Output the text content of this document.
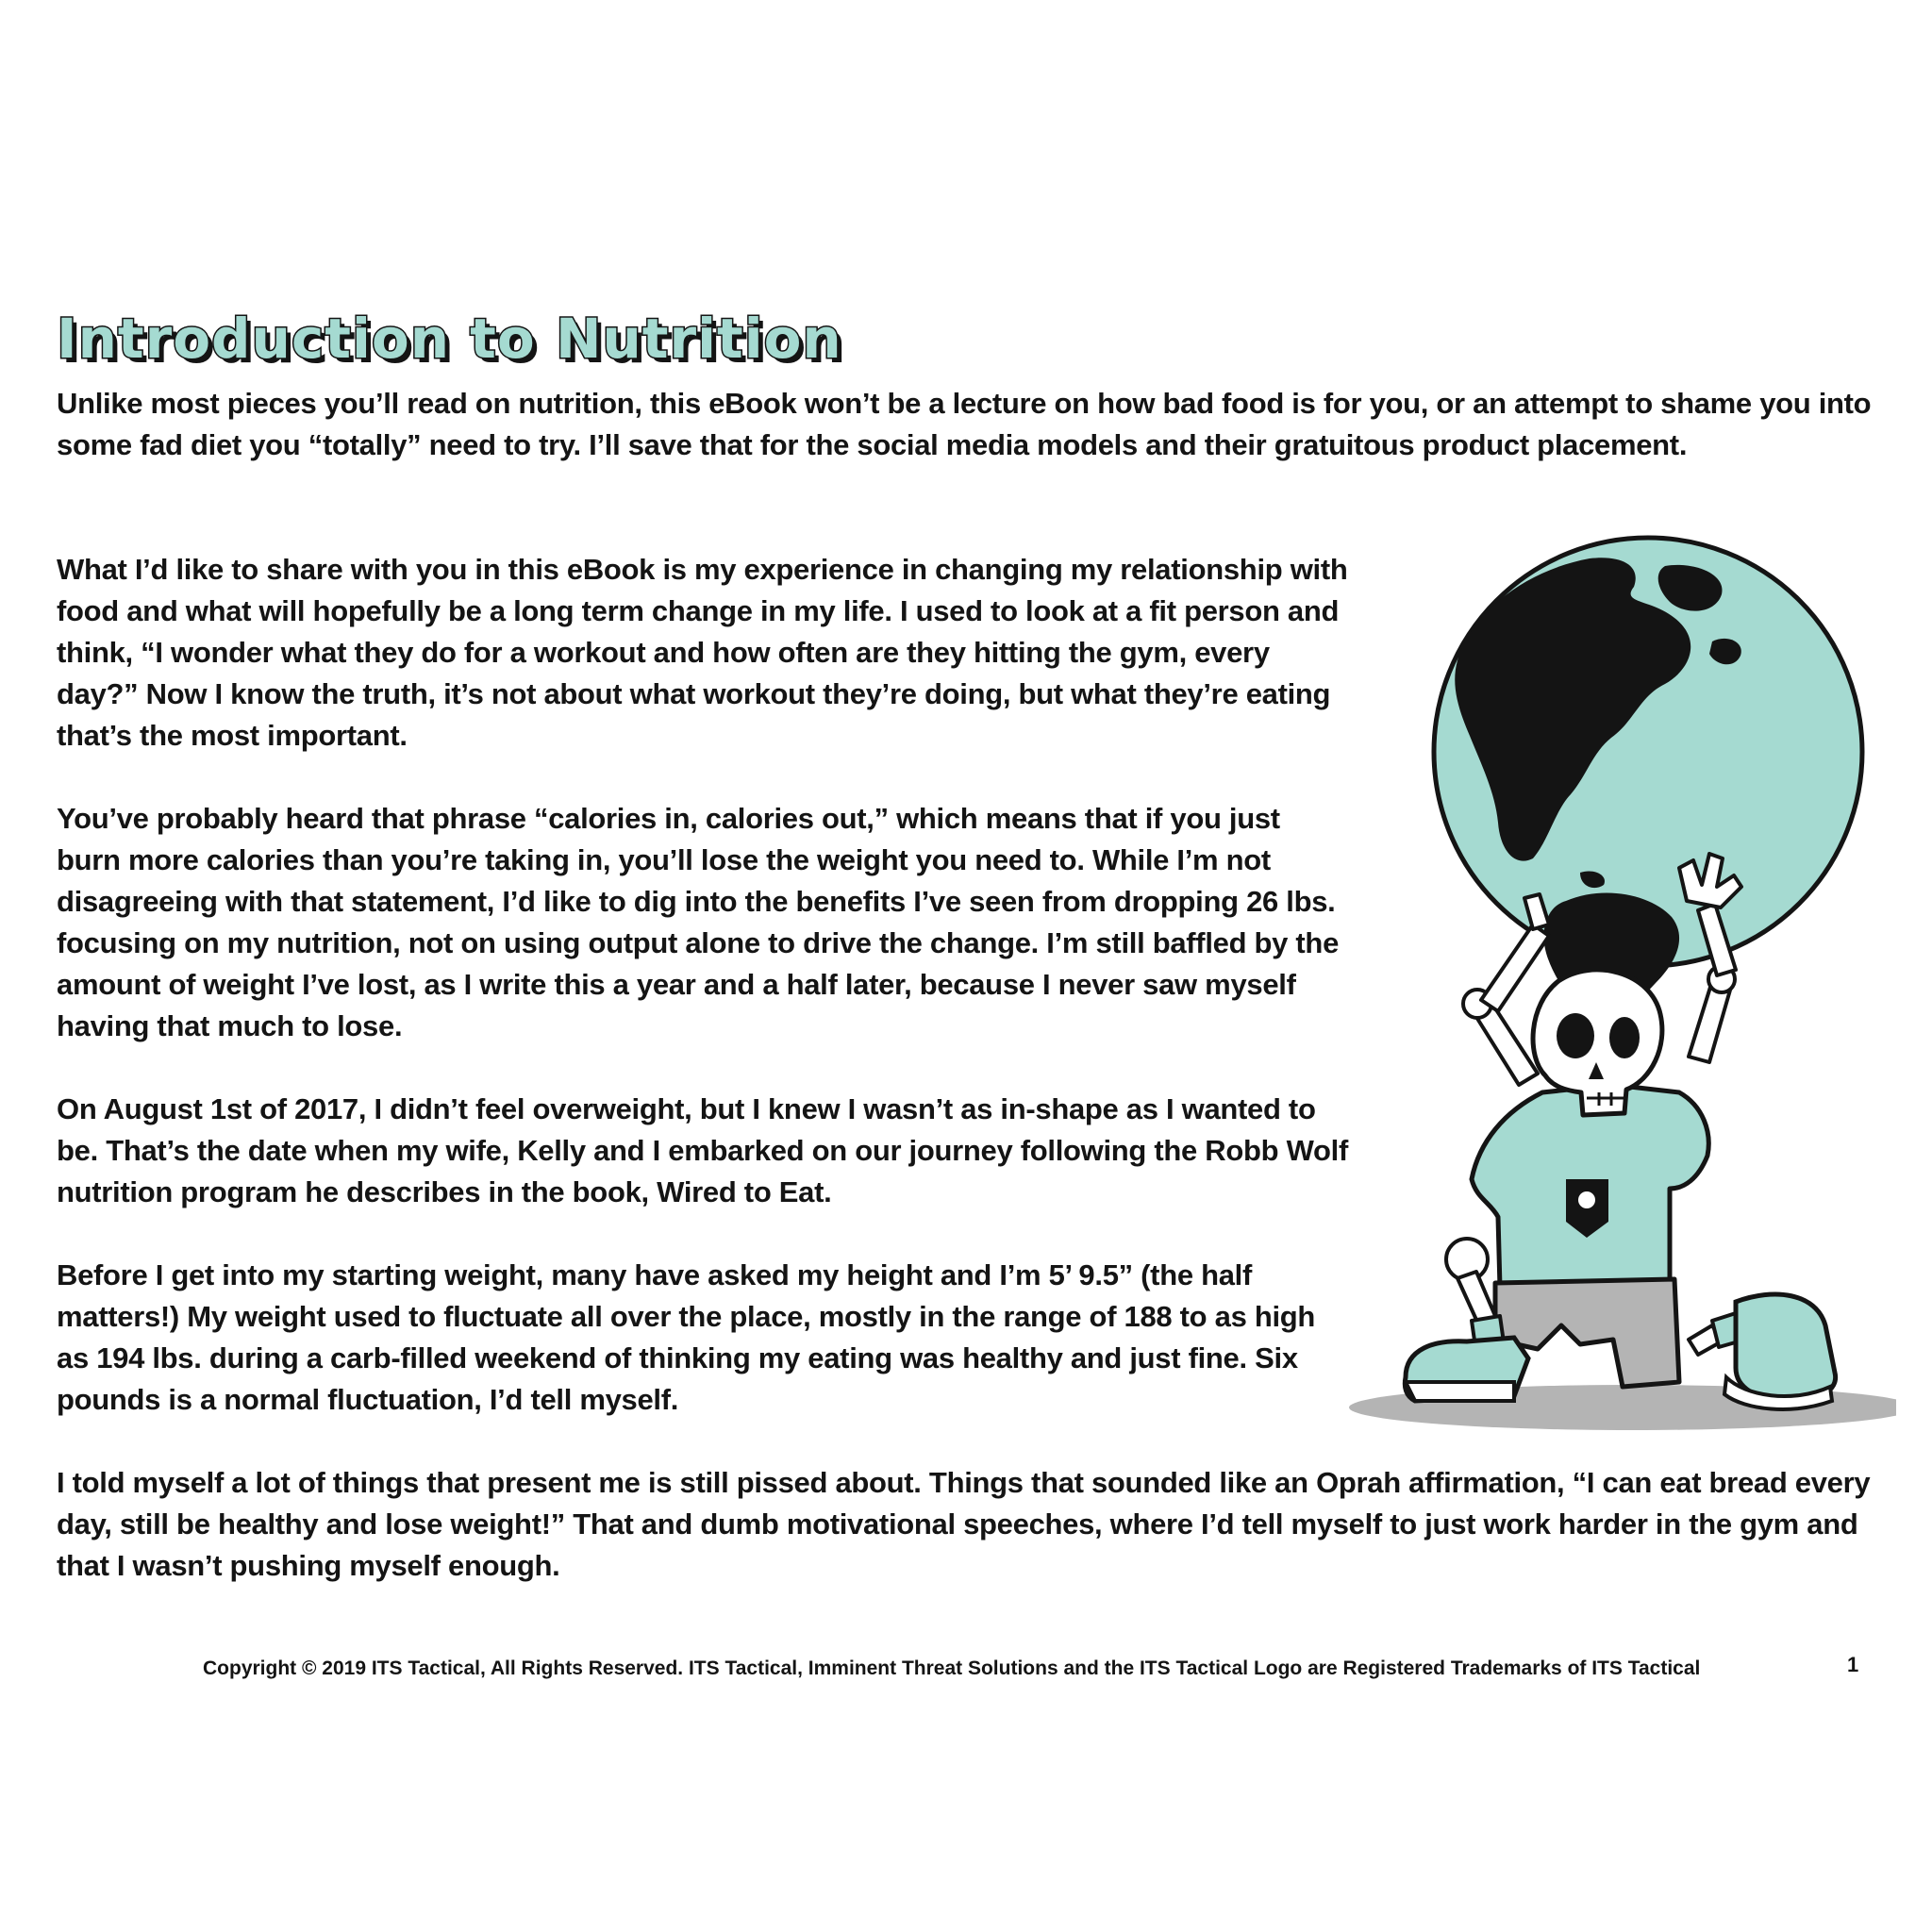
Introduction to Nutrition

Unlike most pieces you’ll read on nutrition, this eBook won’t be a lecture on how bad food is for you, or an attempt to shame you into some fad diet you “totally” need to try. I’ll save that for the social media models and their gratuitous product placement.

What I’d like to share with you in this eBook is my experience in changing my relationship with food and what will hopefully be a long term change in my life. I used to look at a fit person and think, “I wonder what they do for a workout and how often are they hitting the gym, every day?” Now I know the truth, it’s not about what workout they’re doing, but what they’re eating that’s the most important.

You’ve probably heard that phrase “calories in, calories out,” which means that if you just burn more calories than you’re taking in, you’ll lose the weight you need to. While I’m not disagreeing with that statement, I’d like to dig into the benefits I’ve seen from dropping 26 lbs. focusing on my nutrition, not on using output alone to drive the change. I’m still baffled by the amount of weight I’ve lost, as I write this a year and a half later, because I never saw myself having that much to lose.

On August 1st of 2017, I didn’t feel overweight, but I knew I wasn’t as in-shape as I wanted to be. That’s the date when my wife, Kelly and I embarked on our journey following the Robb Wolf nutrition program he describes in the book, Wired to Eat.

Before I get into my starting weight, many have asked my height and I’m 5’ 9.5” (the half matters!) My weight used to fluctuate all over the place, mostly in the range of 188 to as high as 194 lbs. during a carb-filled weekend of thinking my eating was healthy and just fine. Six pounds is a normal fluctuation, I’d tell myself.

I told myself a lot of things that present me is still pissed about. Things that sounded like an Oprah affirmation, “I can eat bread every day, still be healthy and lose weight!” That and dumb motivational speeches, where I’d tell myself to just work harder in the gym and that I wasn’t pushing myself enough.

Copyright © 2019 ITS Tactical, All Rights Reserved. ITS Tactical, Imminent Threat Solutions and the ITS Tactical Logo are Registered Trademarks of ITS Tactical	1
